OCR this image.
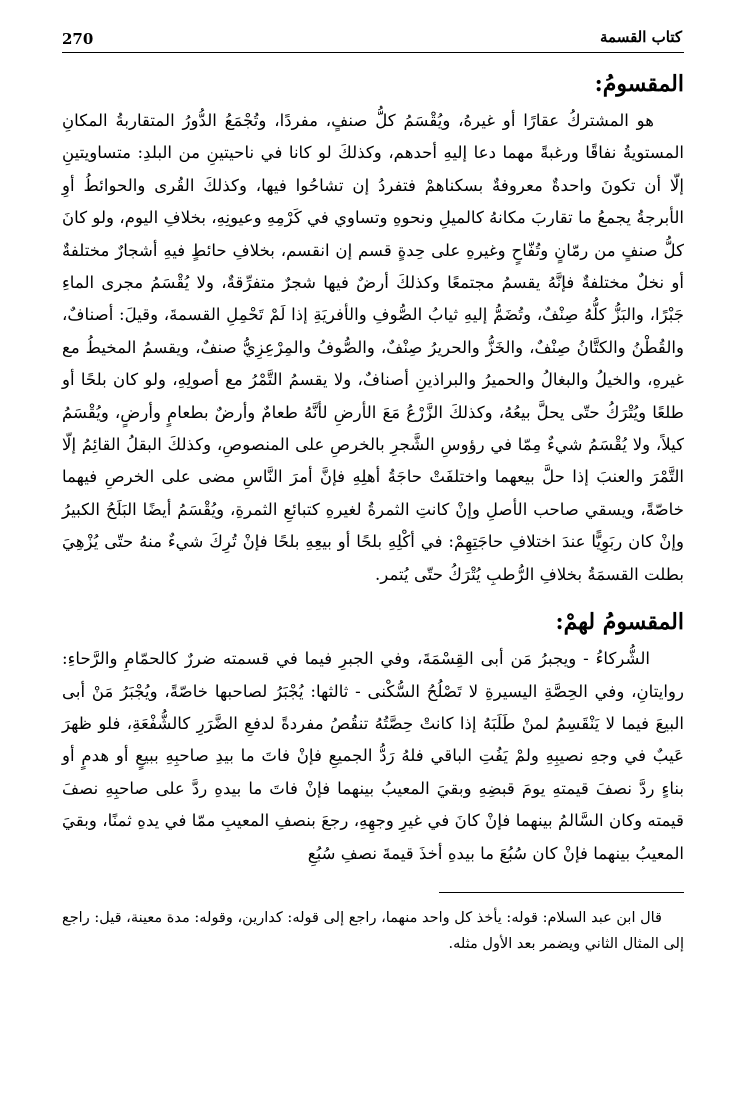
كتاب القسمة
270
المقسومُ:

هو المشتركُ عقارًا أو غيرهُ، ويُقْسَمُ كلُّ صنفٍ، مفردًا، وتُجْمَعُ الدُّورُ المتقاربةُ المكانِ المستويةُ نفاقًا ورغبةً مهما دعا إليهِ أحدهم، وكذلكَ لو كانا في ناحيتينِ من البلدِ: متساويتينِ إلّا أن تكونَ واحدةٌ معروفةٌ بسكناهمْ فتفردُ إن تشاحُوا فيها، وكذلكَ القُرى والحوائطُ أوِ الأبرجةُ يجمعُ ما تقاربَ مكانهُ كالميلِ ونحوهِ وتساوي في كَرْمِهِ وعيونِهِ، بخلافِ اليوم، ولو كانَ كلُّ صنفٍ من رمّانٍ وتُفّاحٍ وغيرهِ على حِدةٍ قسم إن انقسم، بخلافِ حائطٍ فيهِ أشجارٌ مختلفةٌ أو نخلٌ مختلفةٌ فإنَّهُ يقسمُ مجتمعًا وكذلكَ أرضٌ فيها شجرٌ متفرِّقةٌ، ولا يُقْسَمُ مجرى الماءِ جَبْرًا، والبَزُّ كلُّهُ صِنْفٌ، وتُضَمُّ إليهِ ثيابُ الصُّوفِ والأفريَةِ إذا لَمْ تَحْمِلِ القسمةَ، وقيلَ: أصنافٌ، والقُطْنُ والكتَّانُ صِنْفٌ، والخَزُّ والحريرُ صِنْفٌ، والصُّوفُ والمِرْعِزِيُّ صنفٌ، ويقسمُ المخيطُ مع غيرهِ، والخيلُ والبغالُ والحميرُ والبراذينِ أصنافٌ، ولا يقسمُ التَّمْرُ مع أصولِهِ، ولو كان بلحًا أو طلعًا ويُتْرَكُ حتّى يحلَّ بيعُهُ، وكذلكَ الزَّرْعُ مَعَ الأرضِ لأنَّهُ طعامٌ وأرضٌ بطعامٍ وأرضٍ، ويُقْسَمُ كيلاً، ولا يُقْسَمُ شيءٌ مِمّا في رؤوسِ الشَّجرِ بالخرصِ على المنصوصِ، وكذلكَ البقلُ القائِمُ إلّا التَّمْرَ والعنبَ إذا حلَّ بيعهما واختلفَتْ حاجَةُ أهلِهِ فإنَّ أمرَ النَّاسِ مضى على الخرصِ فيهما خاصّةً، ويسقي صاحب الأصلِ وإنْ كانتِ الثمرةُ لغيرهِ كتبائعِ الثمرةِ، ويُقْسَمُ أيضًا البَلَحُ الكبيرُ وإنْ كان ربَوِيًّا عندَ اختلافِ حاجَتِهِمْ: في أكْلِهِ بلحًا أو بيعِهِ بلحًا فإنْ تُرِكَ شيءٌ منهُ حتّى يُزْهِيَ بطلت القسمَةُ بخلافِ الرُّطبِ يُتْرَكُ حتّى يُتمر.

المقسومُ لهمْ:

الشُّركاءُ - ويجبرُ مَن أبى القِسْمَةَ، وفي الجبرِ فيما في قسمته ضررٌ كالحمّامِ والرَّحاءِ: روايتانِ، وفي الحِصَّةِ اليسيرةِ لا تَصْلُحُ السُّكْنى - ثالثها: يُجْبَرُ لصاحبها خاصّةً، ويُجْبَرُ مَنْ أبى البيعَ فيما لا يَنْقَسِمُ لمنْ طَلَبَهُ إذا كانتْ حِصَّتُهُ تنقُصُ مفردةً لدفعِ الضَّرَرِ كالشُّفْعَةِ، فلو ظهرَ عَيبٌ في وجهِ نصيبِهِ ولمْ يَفُتِ الباقي فلهُ رَدُّ الجميعِ فإنْ فاتَ ما بيدِ صاحبِهِ ببيعٍ أو هدمٍ أو بناءٍ ردَّ نصفَ قيمتهِ يومَ قبضِهِ وبقيَ المعيبُ بينهما فإنْ فاتَ ما بيدهِ ردَّ على صاحبِهِ نصفَ قيمته وكان السَّالمُ بينهما فإنْ كانَ في غيرِ وجهِهِ، رجعَ بنصفِ المعيبِ ممّا في يدهِ ثمنًا، وبقيَ المعيبُ بينهما فإنْ كان سُبُعَ ما بيدهِ أخذَ قيمةَ نصفِ سُبُعِ

قال ابن عبد السلام: قوله: يأخذ كل واحد منهما، راجع إلى قوله: كدارين، وقوله: مدة معينة، قيل: راجع إلى المثال الثاني ويضمر بعد الأول مثله.
